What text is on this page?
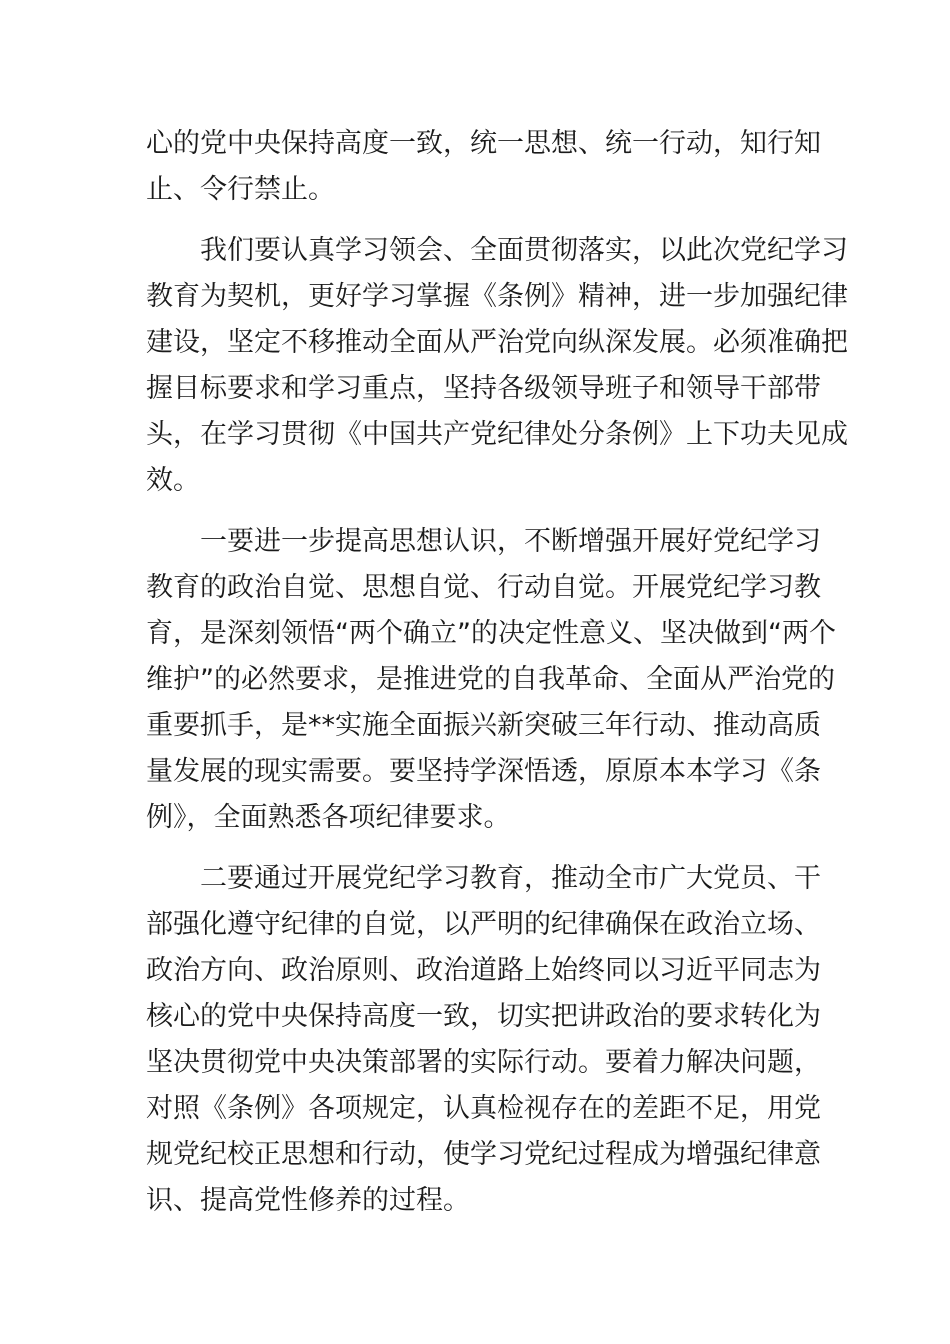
心的党中央保持高度一致，统一思想、统一行动，知行知
止、令行禁止。
我们要认真学习领会、全面贯彻落实，以此次党纪学习
教育为契机，更好学习掌握《条例》精神，进一步加强纪律
建设，坚定不移推动全面从严治党向纵深发展。必须准确把
握目标要求和学习重点，坚持各级领导班子和领导干部带
头，在学习贯彻《中国共产党纪律处分条例》上下功夫见成
效。
一要进一步提高思想认识，不断增强开展好党纪学习
教育的政治自觉、思想自觉、行动自觉。开展党纪学习教
育，是深刻领悟“两个确立”的决定性意义、坚决做到“两个
维护”的必然要求，是推进党的自我革命、全面从严治党的
重要抓手，是**实施全面振兴新突破三年行动、推动高质
量发展的现实需要。要坚持学深悟透，原原本本学习《条
例》，全面熟悉各项纪律要求。
二要通过开展党纪学习教育，推动全市广大党员、干
部强化遵守纪律的自觉，以严明的纪律确保在政治立场、
政治方向、政治原则、政治道路上始终同以习近平同志为
核心的党中央保持高度一致，切实把讲政治的要求转化为
坚决贯彻党中央决策部署的实际行动。要着力解决问题，
对照《条例》各项规定，认真检视存在的差距不足，用党
规党纪校正思想和行动，使学习党纪过程成为增强纪律意
识、提高党性修养的过程。
